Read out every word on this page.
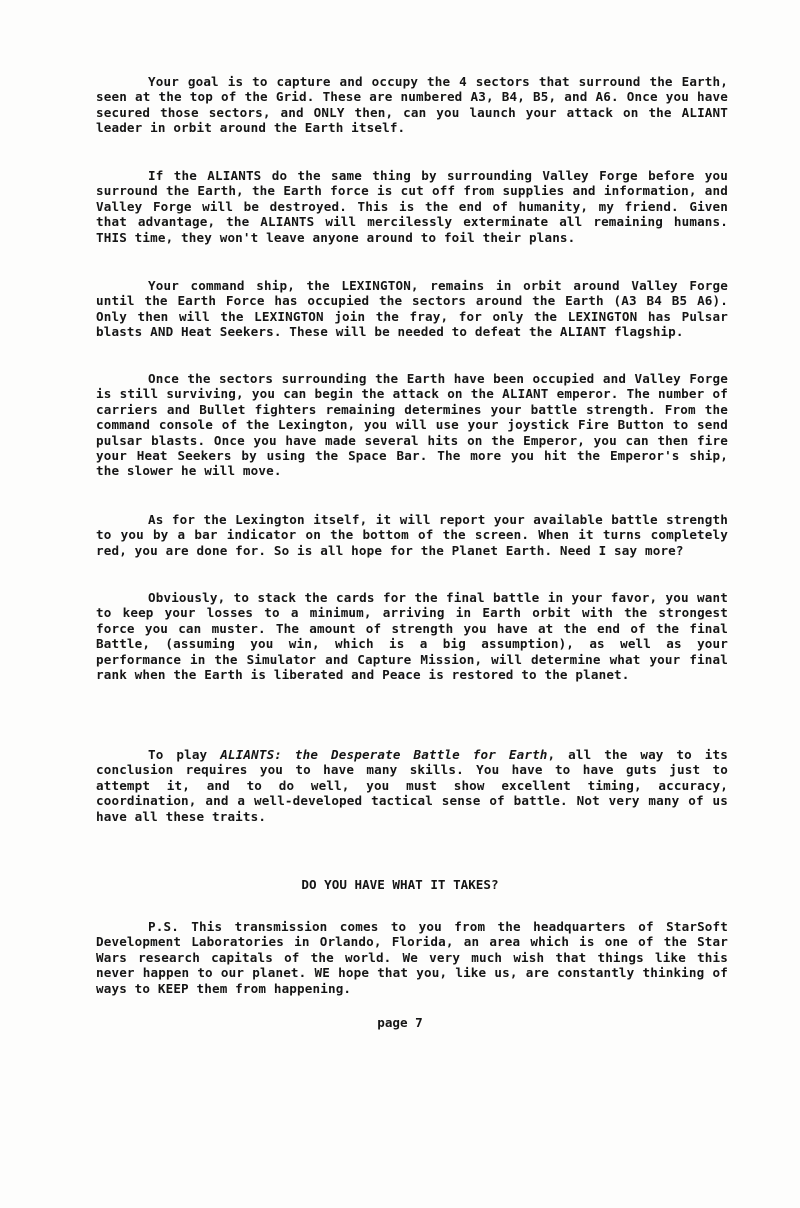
Your goal is to capture and occupy the 4 sectors that surround the Earth, seen at the top of the Grid. These are numbered A3, B4, B5, and A6. Once you have secured those sectors, and ONLY then, can you launch your attack on the ALIANT leader in orbit around the Earth itself.

If the ALIANTS do the same thing by surrounding Valley Forge before you surround the Earth, the Earth force is cut off from supplies and information, and Valley Forge will be destroyed. This is the end of humanity, my friend. Given that advantage, the ALIANTS will mercilessly exterminate all remaining humans. THIS time, they won't leave anyone around to foil their plans.

Your command ship, the LEXINGTON, remains in orbit around Valley Forge until the Earth Force has occupied the sectors around the Earth (A3 B4 B5 A6). Only then will the LEXINGTON join the fray, for only the LEXINGTON has Pulsar blasts AND Heat Seekers. These will be needed to defeat the ALIANT flagship.

Once the sectors surrounding the Earth have been occupied and Valley Forge is still surviving, you can begin the attack on the ALIANT emperor. The number of carriers and Bullet fighters remaining determines your battle strength. From the command console of the Lexington, you will use your joystick Fire Button to send pulsar blasts. Once you have made several hits on the Emperor, you can then fire your Heat Seekers by using the Space Bar. The more you hit the Emperor's ship, the slower he will move.

As for the Lexington itself, it will report your available battle strength to you by a bar indicator on the bottom of the screen. When it turns completely red, you are done for. So is all hope for the Planet Earth. Need I say more?

Obviously, to stack the cards for the final battle in your favor, you want to keep your losses to a minimum, arriving in Earth orbit with the strongest force you can muster. The amount of strength you have at the end of the final Battle, (assuming you win, which is a big assumption), as well as your performance in the Simulator and Capture Mission, will determine what your final rank when the Earth is liberated and Peace is restored to the planet.

To play ALIANTS: the Desperate Battle for Earth, all the way to its conclusion requires you to have many skills. You have to have guts just to attempt it, and to do well, you must show excellent timing, accuracy, coordination, and a well-developed tactical sense of battle. Not very many of us have all these traits.

DO YOU HAVE WHAT IT TAKES?

P.S. This transmission comes to you from the headquarters of StarSoft Development Laboratories in Orlando, Florida, an area which is one of the Star Wars research capitals of the world. We very much wish that things like this never happen to our planet. WE hope that you, like us, are constantly thinking of ways to KEEP them from happening.

page 7
